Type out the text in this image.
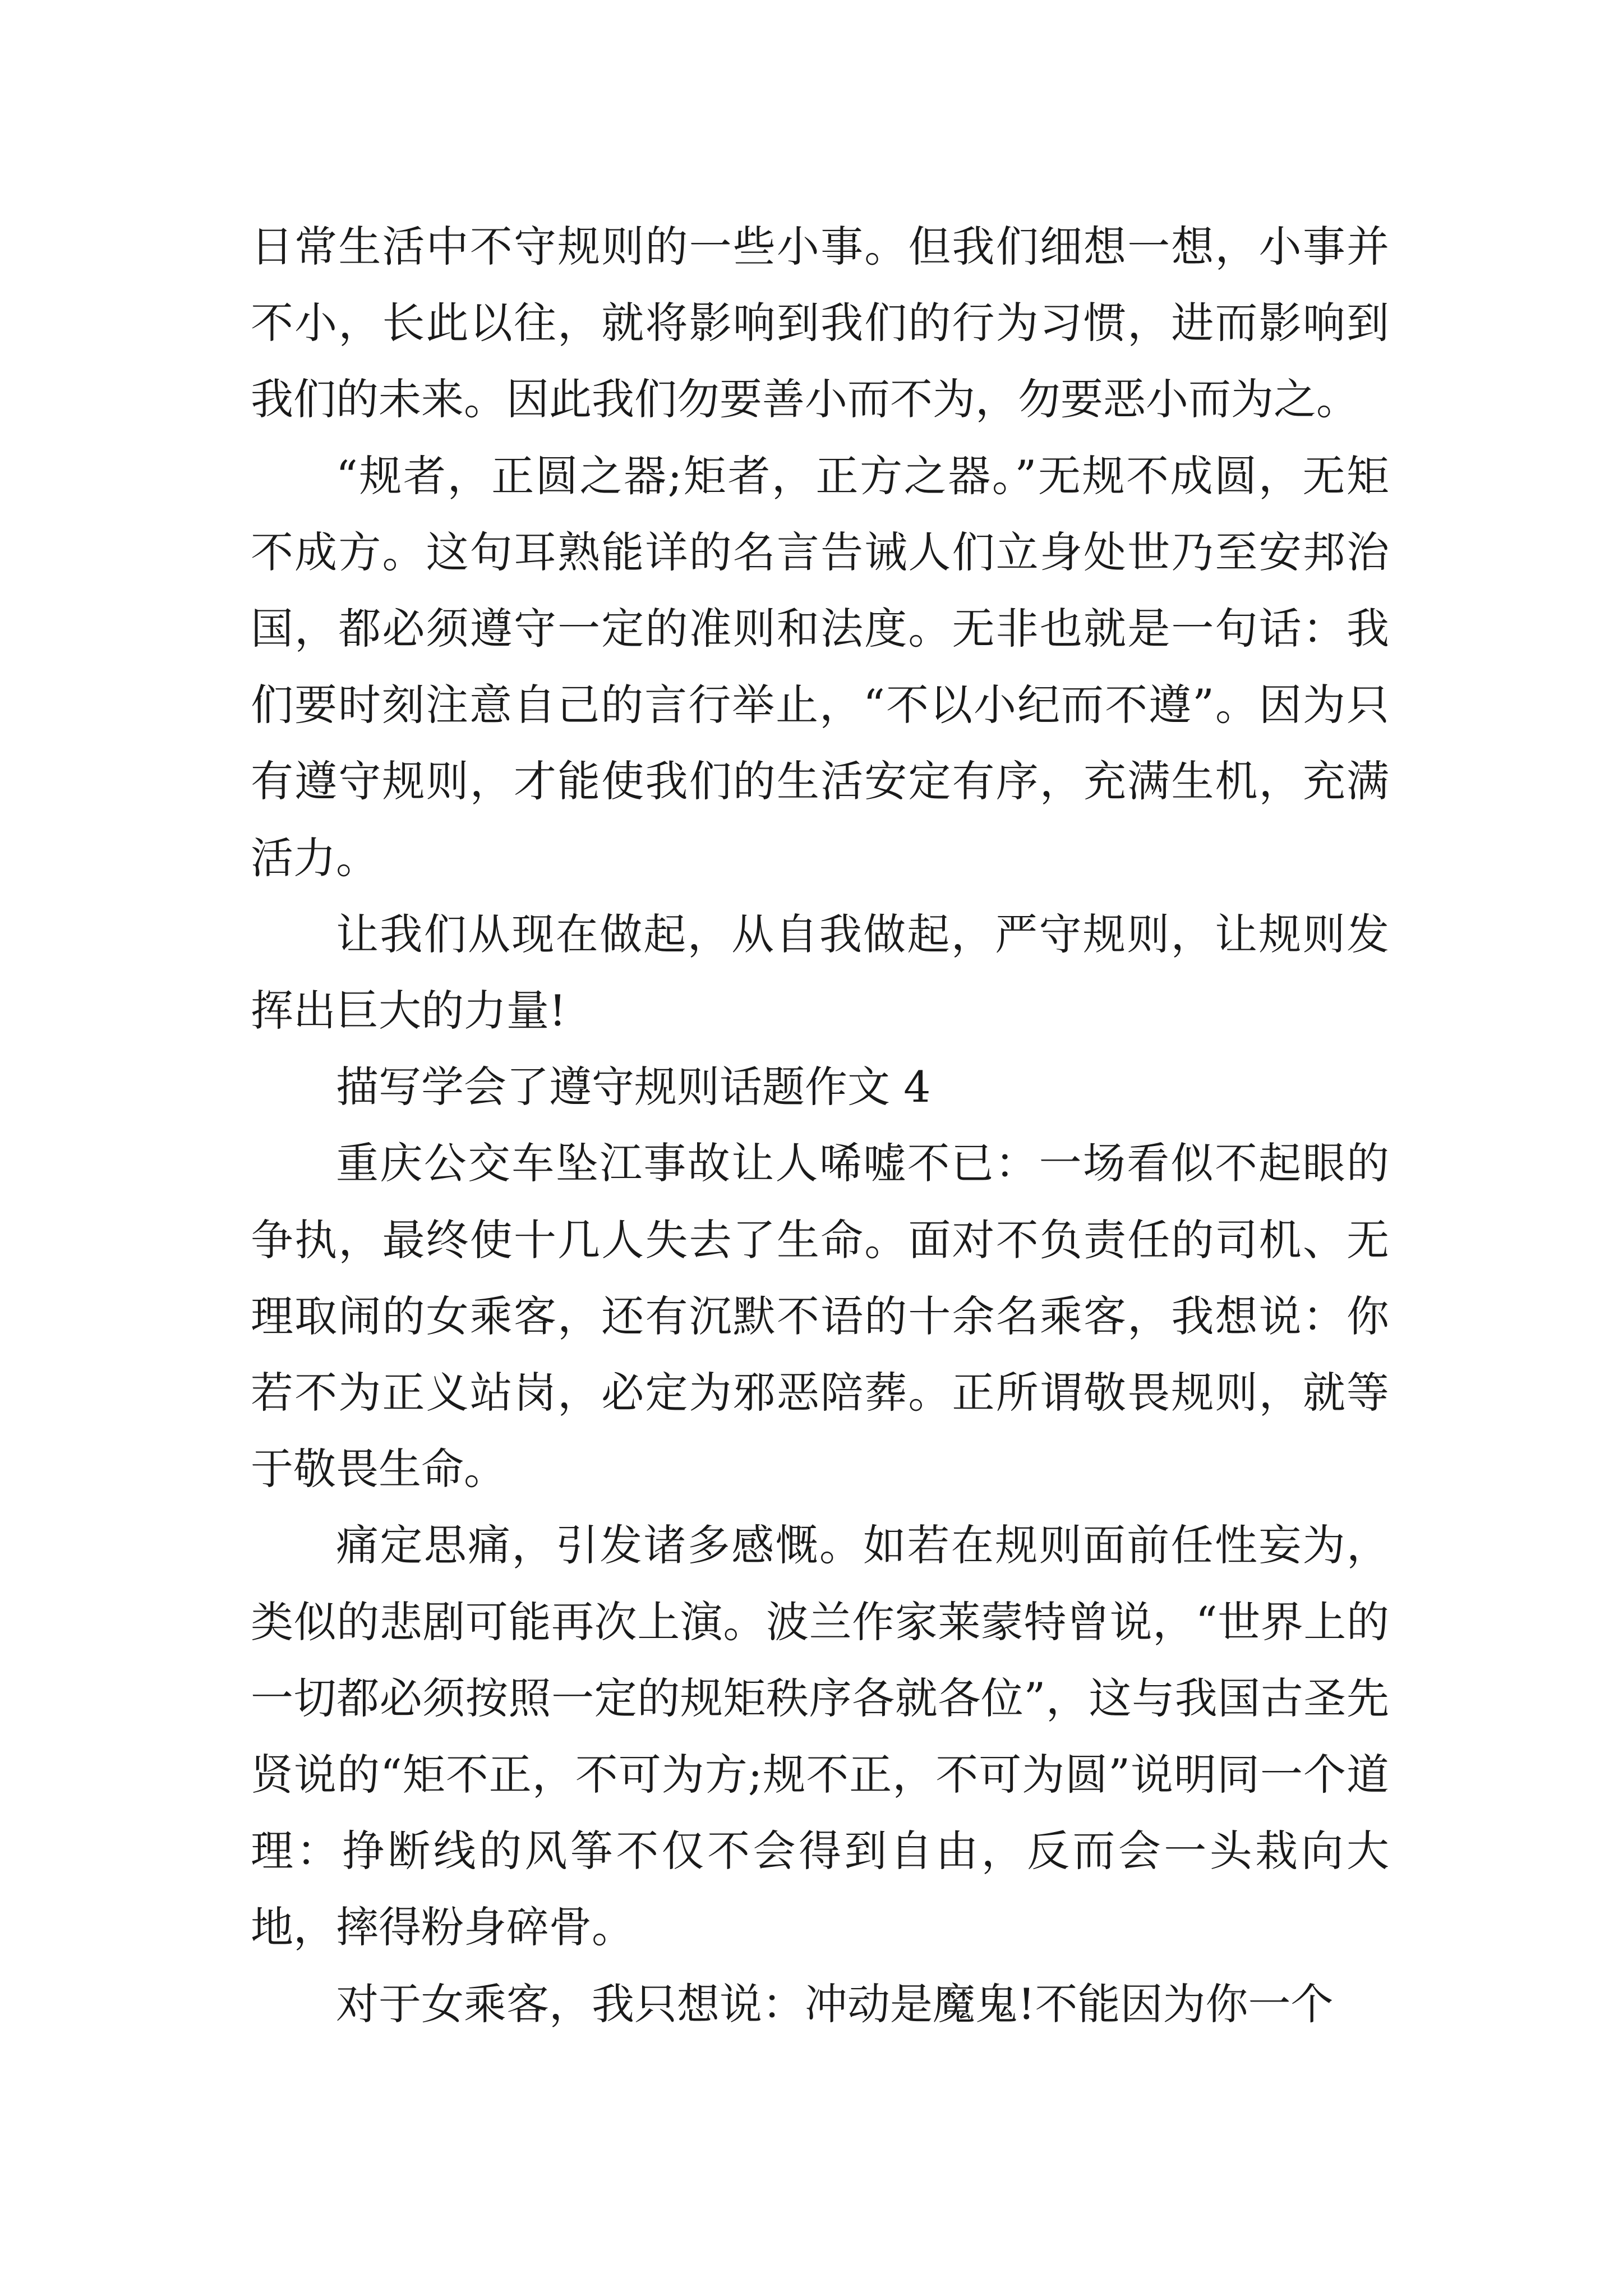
日常生活中不守规则的一些小事。但我们细想一想，小事并不小，长此以往，就将影响到我们的行为习惯，进而影响到我们的未来。因此我们勿要善小而不为，勿要恶小而为之。

“规者，正圆之器;矩者，正方之器。”无规不成圆，无矩不成方。这句耳熟能详的名言告诫人们立身处世乃至安邦治国，都必须遵守一定的准则和法度。无非也就是一句话：我们要时刻注意自己的言行举止，“不以小纪而不遵”。因为只有遵守规则，才能使我们的生活安定有序，充满生机，充满活力。

让我们从现在做起，从自我做起，严守规则，让规则发挥出巨大的力量!

描写学会了遵守规则话题作文 4

重庆公交车坠江事故让人唏嘘不已：一场看似不起眼的争执，最终使十几人失去了生命。面对不负责任的司机、无理取闹的女乘客，还有沉默不语的十余名乘客，我想说：你若不为正义站岗，必定为邪恶陪葬。正所谓敬畏规则，就等于敬畏生命。

痛定思痛，引发诸多感慨。如若在规则面前任性妄为，类似的悲剧可能再次上演。波兰作家莱蒙特曾说，“世界上的一切都必须按照一定的规矩秩序各就各位”，这与我国古圣先贤说的“矩不正，不可为方;规不正，不可为圆”说明同一个道理：挣断线的风筝不仅不会得到自由，反而会一头栽向大地，摔得粉身碎骨。

对于女乘客，我只想说：冲动是魔鬼!不能因为你一个
